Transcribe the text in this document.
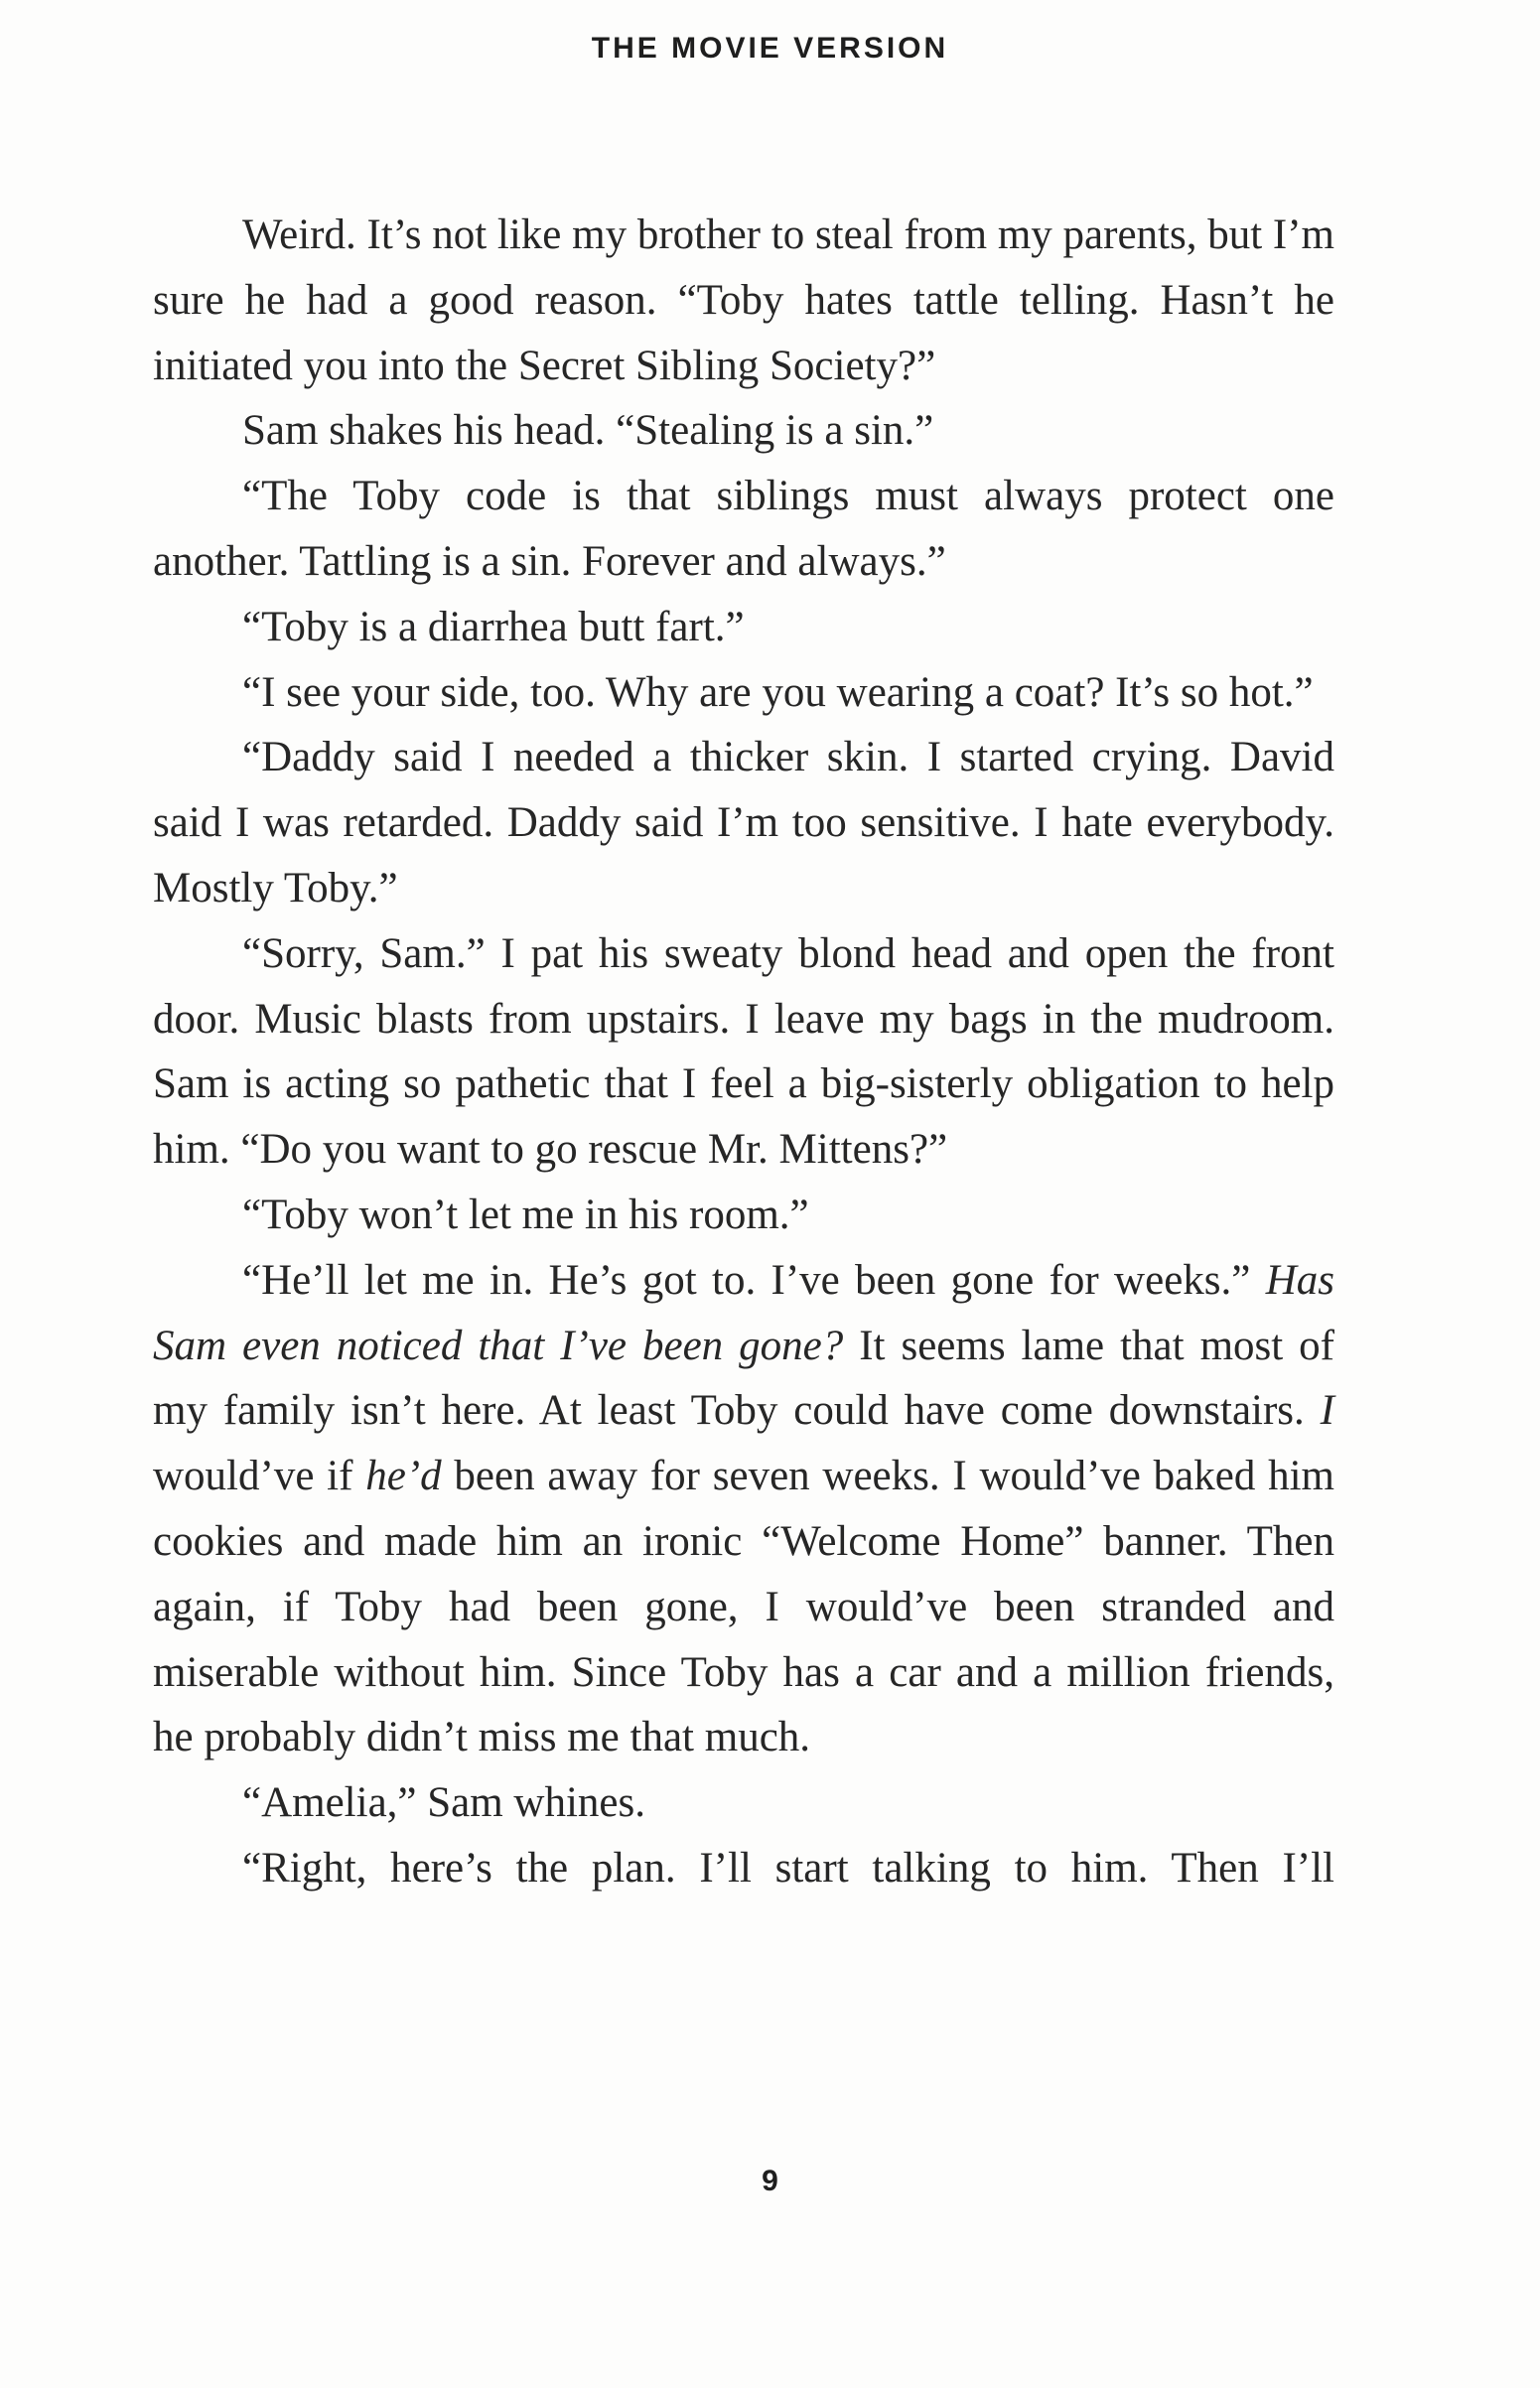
THE MOVIE VERSION

Weird. It’s not like my brother to steal from my parents, but I’m sure he had a good reason. “Toby hates tattle telling. Hasn’t he initiated you into the Secret Sibling Society?”

Sam shakes his head. “Stealing is a sin.”

“The Toby code is that siblings must always protect one another. Tattling is a sin. Forever and always.”

“Toby is a diarrhea butt fart.”

“I see your side, too. Why are you wearing a coat? It’s so hot.”

“Daddy said I needed a thicker skin. I started crying. David said I was retarded. Daddy said I’m too sensitive. I hate everybody. Mostly Toby.”

“Sorry, Sam.” I pat his sweaty blond head and open the front door. Music blasts from upstairs. I leave my bags in the mudroom. Sam is acting so pathetic that I feel a big-sisterly obligation to help him. “Do you want to go rescue Mr. Mittens?”

“Toby won’t let me in his room.”

“He’ll let me in. He’s got to. I’ve been gone for weeks.” Has Sam even noticed that I’ve been gone? It seems lame that most of my family isn’t here. At least Toby could have come downstairs. I would’ve if he’d been away for seven weeks. I would’ve baked him cookies and made him an ironic “Welcome Home” banner. Then again, if Toby had been gone, I would’ve been stranded and miserable without him. Since Toby has a car and a million friends, he probably didn’t miss me that much.

“Amelia,” Sam whines.

“Right, here’s the plan. I’ll start talking to him. Then I’ll

9
